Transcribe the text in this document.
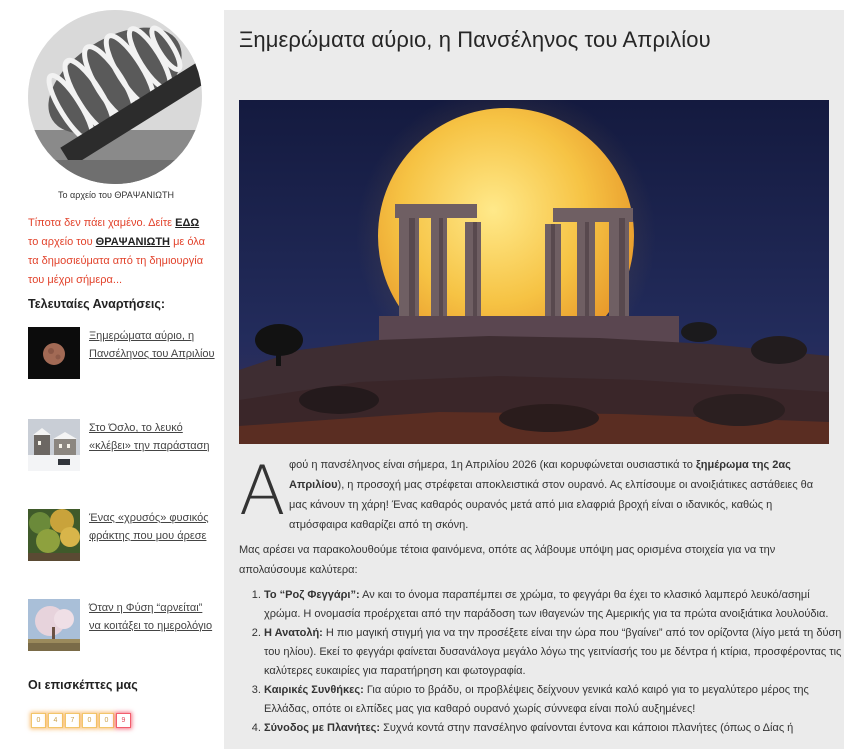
Το αρχείο του ΘΡΑΨΑΝΙΩΤΗ
Τίποτα δεν πάει χαμένο. Δείτε ΕΔΩ το αρχείο του ΘΡΑΨΑΝΙΩΤΗ με όλα τα δημοσιεύματα από τη δημιουργία του μέχρι σήμερα...
Τελευταίες Αναρτήσεις:
Ξημερώματα αύριο, η Πανσέληνος του Απριλίου
Στο Όσλο, το λευκό «κλέβει» την παράσταση
Ένας «χρυσός» φυσικός φράκτης που μου άρεσε
Όταν η Φύση “αρνείται” να κοιτάξει το ημερολόγιο
Οι επισκέπτες μας
0	4	7	0	0	9
Ξημερώματα αύριο, η Πανσέληνος του Απριλίου
Α φού η πανσέληνος είναι σήμερα, 1η Απριλίου 2026 (και κορυφώνεται ουσιαστικά το ξημέρωμα της 2ας Απριλίου), η προσοχή μας στρέφεται αποκλειστικά στον ουρανό. Ας ελπίσουμε οι ανοιξιάτικες αστάθειες θα μας κάνουν τη χάρη! Ένας καθαρός ουρανός μετά από μια ελαφριά βροχή είναι ο ιδανικός, καθώς η ατμόσφαιρα καθαρίζει από τη σκόνη.
Μας αρέσει να παρακολουθούμε τέτοια φαινόμενα, οπότε ας λάβουμε υπόψη μας ορισμένα στοιχεία για να την απολαύσουμε καλύτερα:
1. Το “Ροζ Φεγγάρι”: Αν και το όνομα παραπέμπει σε χρώμα, το φεγγάρι θα έχει το κλασικό λαμπερό λευκό/ασημί χρώμα. Η ονομασία προέρχεται από την παράδοση των ιθαγενών της Αμερικής για τα πρώτα ανοιξιάτικα λουλούδια.
2. Η Ανατολή: Η πιο μαγική στιγμή για να την προσέξετε είναι την ώρα που “βγαίνει” από τον ορίζοντα (λίγο μετά τη δύση του ηλίου). Εκεί το φεγγάρι φαίνεται δυσανάλογα μεγάλο λόγω της γειτνίασής του με δέντρα ή κτίρια, προσφέροντας τις καλύτερες ευκαιρίες για παρατήρηση και φωτογραφία.
3. Καιρικές Συνθήκες: Για αύριο το βράδυ, οι προβλέψεις δείχνουν γενικά καλό καιρό για το μεγαλύτερο μέρος της Ελλάδας, οπότε οι ελπίδες μας για καθαρό ουρανό χωρίς σύννεφα είναι πολύ αυξημένες!
4. Σύνοδος με Πλανήτες: Συχνά κοντά στην πανσέληνο φαίνονται έντονα και κάποιοι πλανήτες (όπως ο Δίας ή
